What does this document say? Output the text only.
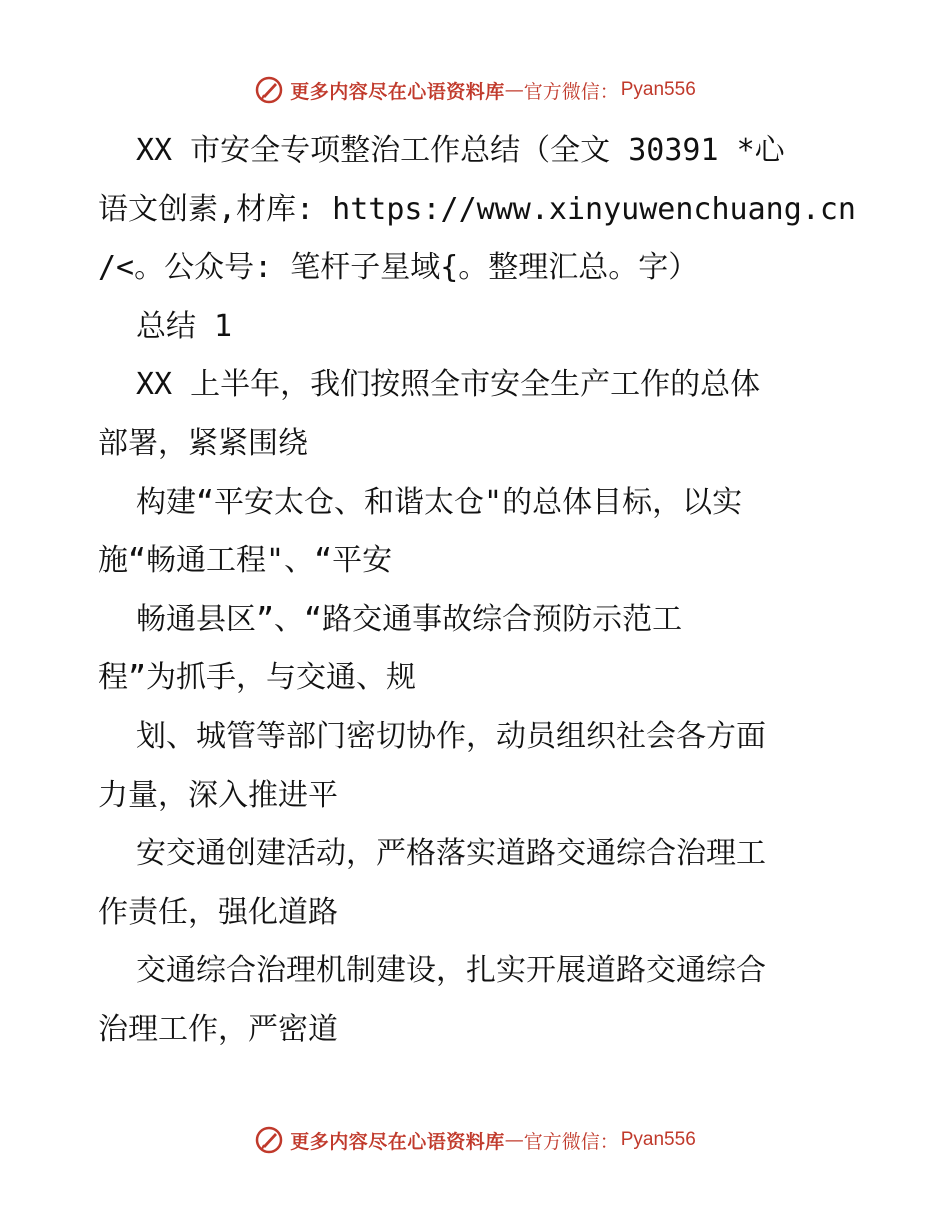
更多内容尽在心语资料库 — 官方微信： Pyan556
XX 市安全专项整治工作总结（全文 30391 *心
语文创素,材库: https://www.xinyuwenchuang.cn
/<。公众号: 笔杆子星域{。整理汇总。字）
总结 1
XX 上半年，我们按照全市安全生产工作的总体
部署，紧紧围绕
构建“平安太仓、和谐太仓"的总体目标，以实
施“畅通工程"、“平安
畅通县区”、“路交通事故综合预防示范工
程”为抓手，与交通、规
划、城管等部门密切协作，动员组织社会各方面
力量，深入推进平
安交通创建活动，严格落实道路交通综合治理工
作责任，强化道路
交通综合治理机制建设，扎实开展道路交通综合
治理工作，严密道
更多内容尽在心语资料库 — 官方微信： Pyan556
